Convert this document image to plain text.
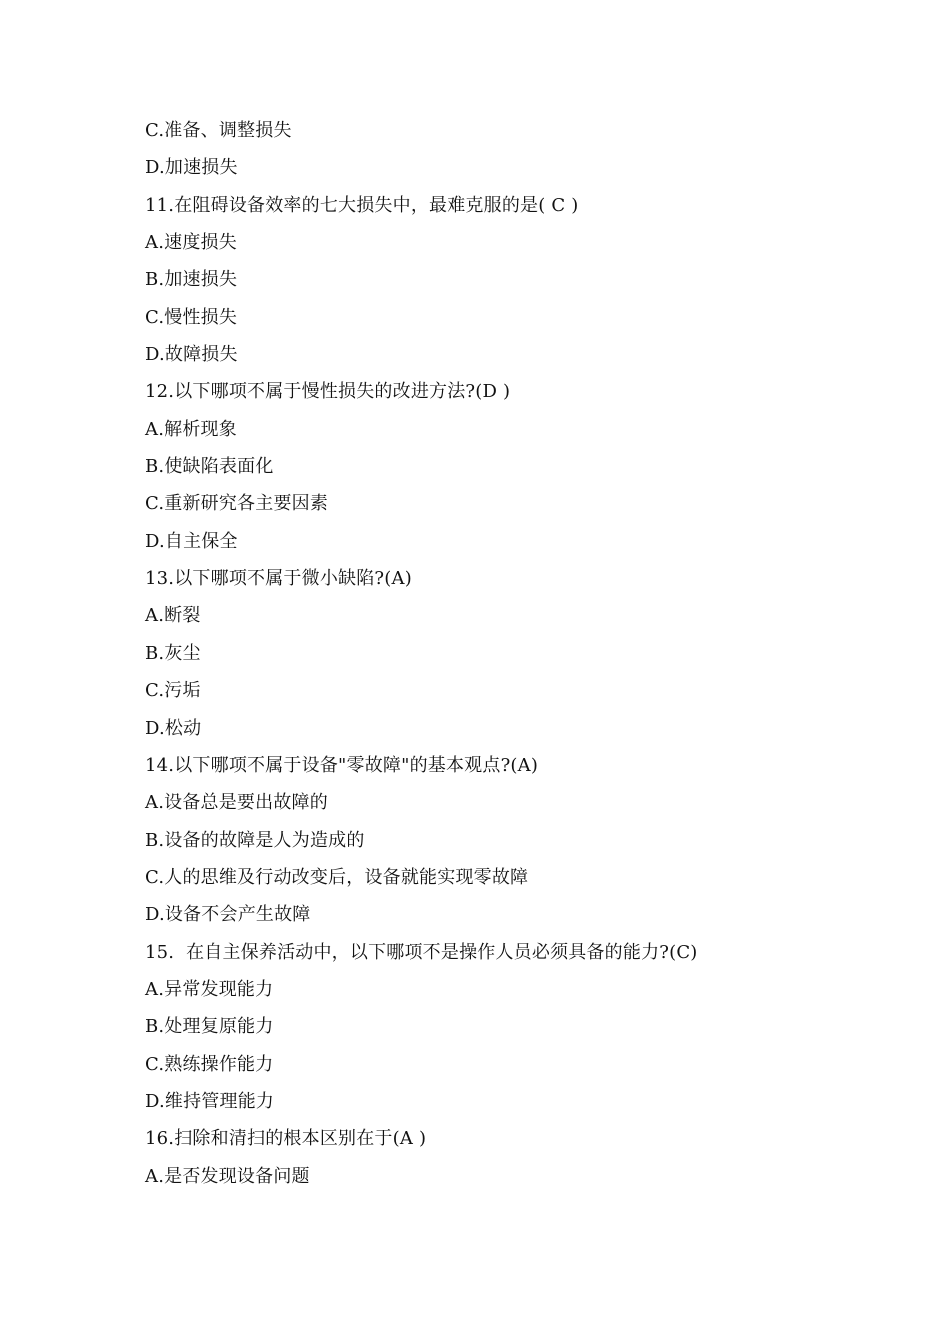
C.准备、调整损失
D.加速损失
11.在阻碍设备效率的七大损失中，最难克服的是( C )
A.速度损失
B.加速损失
C.慢性损失
D.故障损失
12.以下哪项不属于慢性损失的改进方法?(D )
A.解析现象
B.使缺陷表面化
C.重新研究各主要因素
D.自主保全
13.以下哪项不属于微小缺陷?(A)
A.断裂
B.灰尘
C.污垢
D.松动
14.以下哪项不属于设备"零故障"的基本观点?(A)
A.设备总是要出故障的
B.设备的故障是人为造成的
C.人的思维及行动改变后，设备就能实现零故障
D.设备不会产生故障
15.  在自主保养活动中，以下哪项不是操作人员必须具备的能力?(C)
A.异常发现能力
B.处理复原能力
C.熟练操作能力
D.维持管理能力
16.扫除和清扫的根本区别在于(A )
A.是否发现设备问题
